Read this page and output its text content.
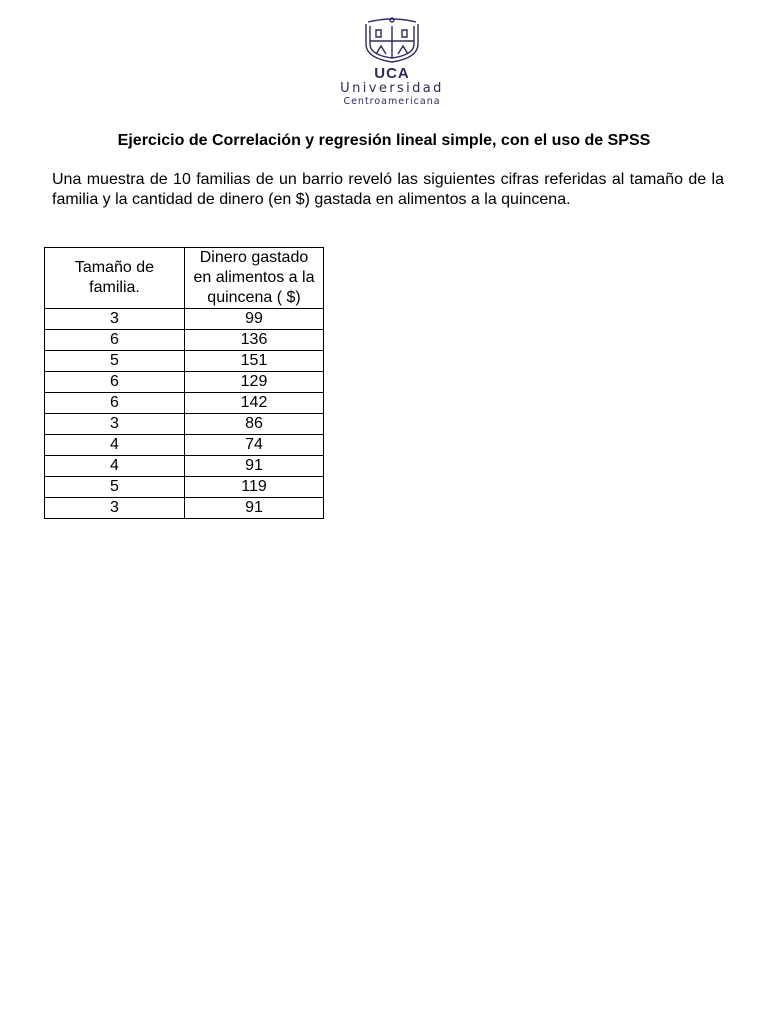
UCA
Universidad
Centroamericana
Ejercicio de Correlación y regresión lineal simple, con el uso de SPSS

Una muestra de 10 familias de un barrio reveló las siguientes cifras referidas al tamaño de la familia y la cantidad de dinero (en $) gastada en alimentos a la quincena.

Tamaño de familia.	Dinero gastado en alimentos a la quincena ( $)
3	99
6	136
5	151
6	129
6	142
3	86
4	74
4	91
5	119
3	91
